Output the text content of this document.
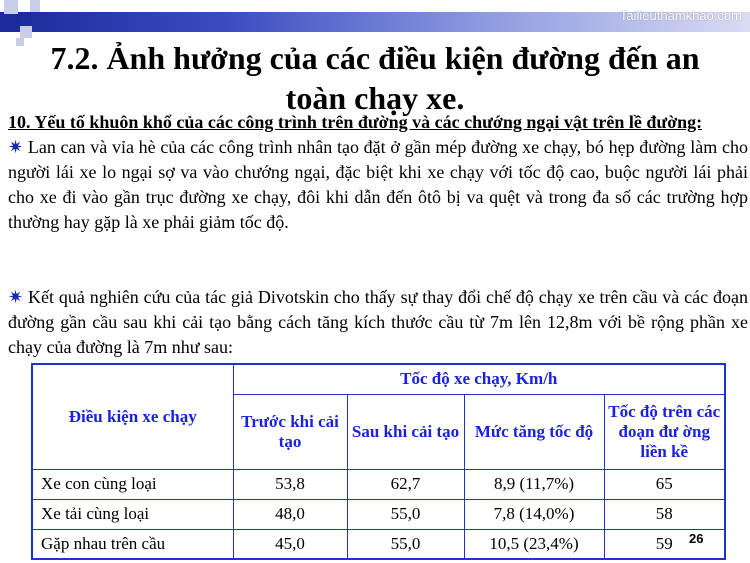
Tailieuthamkhao.com
7.2. Ảnh hưởng của các điều kiện đường đến an
toàn chạy xe.
10. Yếu tố khuôn khổ của các công trình trên đường và các chướng ngại vật trên lề đường:
✷ Lan can và vỉa hè của các công trình nhân tạo đặt ở gần mép đường xe chạy, bó hẹp đường làm cho người lái xe lo ngại sợ va vào chướng ngại, đặc biệt khi xe chạy với tốc độ cao, buộc người lái phải cho xe đi vào gần trục đường xe chạy, đôi khi dẫn đến ôtô bị va quệt và trong đa số các trường hợp thường hay gặp là xe phải giảm tốc độ.
✷ Kết quả nghiên cứu của tác giả Divotskin cho thấy sự thay đổi chế độ chạy xe trên cầu và các đoạn đường gần cầu sau khi cải tạo bằng cách tăng kích thước cầu từ 7m lên 12,8m với bề rộng phần xe chạy của đường là 7m như sau:
Điều kiện xe chạy	Tốc độ xe chạy, Km/h			
	Trước khi cải tạo	Sau khi cải tạo	Mức tăng tốc độ	Tốc độ trên các đoạn đư ờng liền kề
Xe con cùng loại	53,8	62,7	8,9 (11,7%)	65
Xe tải cùng loại	48,0	55,0	7,8 (14,0%)	58
Gặp nhau trên cầu	45,0	55,0	10,5 (23,4%)	59 26
